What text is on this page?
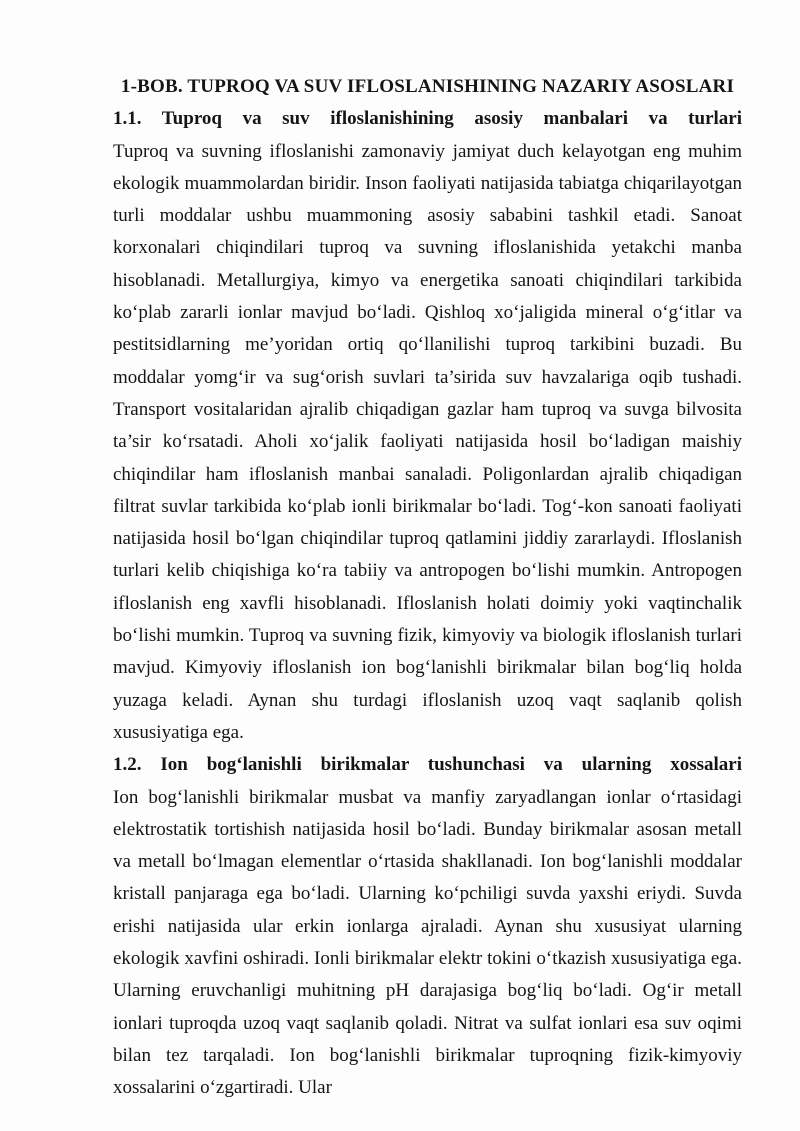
1-BOB. TUPROQ VA SUV IFLOSLANISHINING NAZARIY ASOSLARI
1.1. Tuproq va suv ifloslanishining asosiy manbalari va turlari

Tuproq va suvning ifloslanishi zamonaviy jamiyat duch kelayotgan eng muhim ekologik muammolardan biridir. Inson faoliyati natijasida tabiatga chiqarilayotgan turli moddalar ushbu muammoning asosiy sababini tashkil etadi. Sanoat korxonalari chiqindilari tuproq va suvning ifloslanishida yetakchi manba hisoblanadi. Metallurgiya, kimyo va energetika sanoati chiqindilari tarkibida ko‘plab zararli ionlar mavjud bo‘ladi. Qishloq xo‘jaligida mineral o‘g‘itlar va pestitsidlarning me’yoridan ortiq qo‘llanilishi tuproq tarkibini buzadi. Bu moddalar yomg‘ir va sug‘orish suvlari ta’sirida suv havzalariga oqib tushadi. Transport vositalaridan ajralib chiqadigan gazlar ham tuproq va suvga bilvosita ta’sir ko‘rsatadi. Aholi xo‘jalik faoliyati natijasida hosil bo‘ladigan maishiy chiqindilar ham ifloslanish manbai sanaladi. Poligonlardan ajralib chiqadigan filtrat suvlar tarkibida ko‘plab ionli birikmalar bo‘ladi. Tog‘-kon sanoati faoliyati natijasida hosil bo‘lgan chiqindilar tuproq qatlamini jiddiy zararlaydi. Ifloslanish turlari kelib chiqishiga ko‘ra tabiiy va antropogen bo‘lishi mumkin. Antropogen ifloslanish eng xavfli hisoblanadi. Ifloslanish holati doimiy yoki vaqtinchalik bo‘lishi mumkin. Tuproq va suvning fizik, kimyoviy va biologik ifloslanish turlari mavjud. Kimyoviy ifloslanish ion bog‘lanishli birikmalar bilan bog‘liq holda yuzaga keladi. Aynan shu turdagi ifloslanish uzoq vaqt saqlanib qolish xususiyatiga ega.

1.2. Ion bog‘lanishli birikmalar tushunchasi va ularning xossalari

Ion bog‘lanishli birikmalar musbat va manfiy zaryadlangan ionlar o‘rtasidagi elektrostatik tortishish natijasida hosil bo‘ladi. Bunday birikmalar asosan metall va metall bo‘lmagan elementlar o‘rtasida shakllanadi. Ion bog‘lanishli moddalar kristall panjaraga ega bo‘ladi. Ularning ko‘pchiligi suvda yaxshi eriydi. Suvda erishi natijasida ular erkin ionlarga ajraladi. Aynan shu xususiyat ularning ekologik xavfini oshiradi. Ionli birikmalar elektr tokini o‘tkazish xususiyatiga ega. Ularning eruvchanligi muhitning pH darajasiga bog‘liq bo‘ladi. Og‘ir metall ionlari tuproqda uzoq vaqt saqlanib qoladi. Nitrat va sulfat ionlari esa suv oqimi bilan tez tarqaladi. Ion bog‘lanishli birikmalar tuproqning fizik-kimyoviy xossalarini o‘zgartiradi. Ular
